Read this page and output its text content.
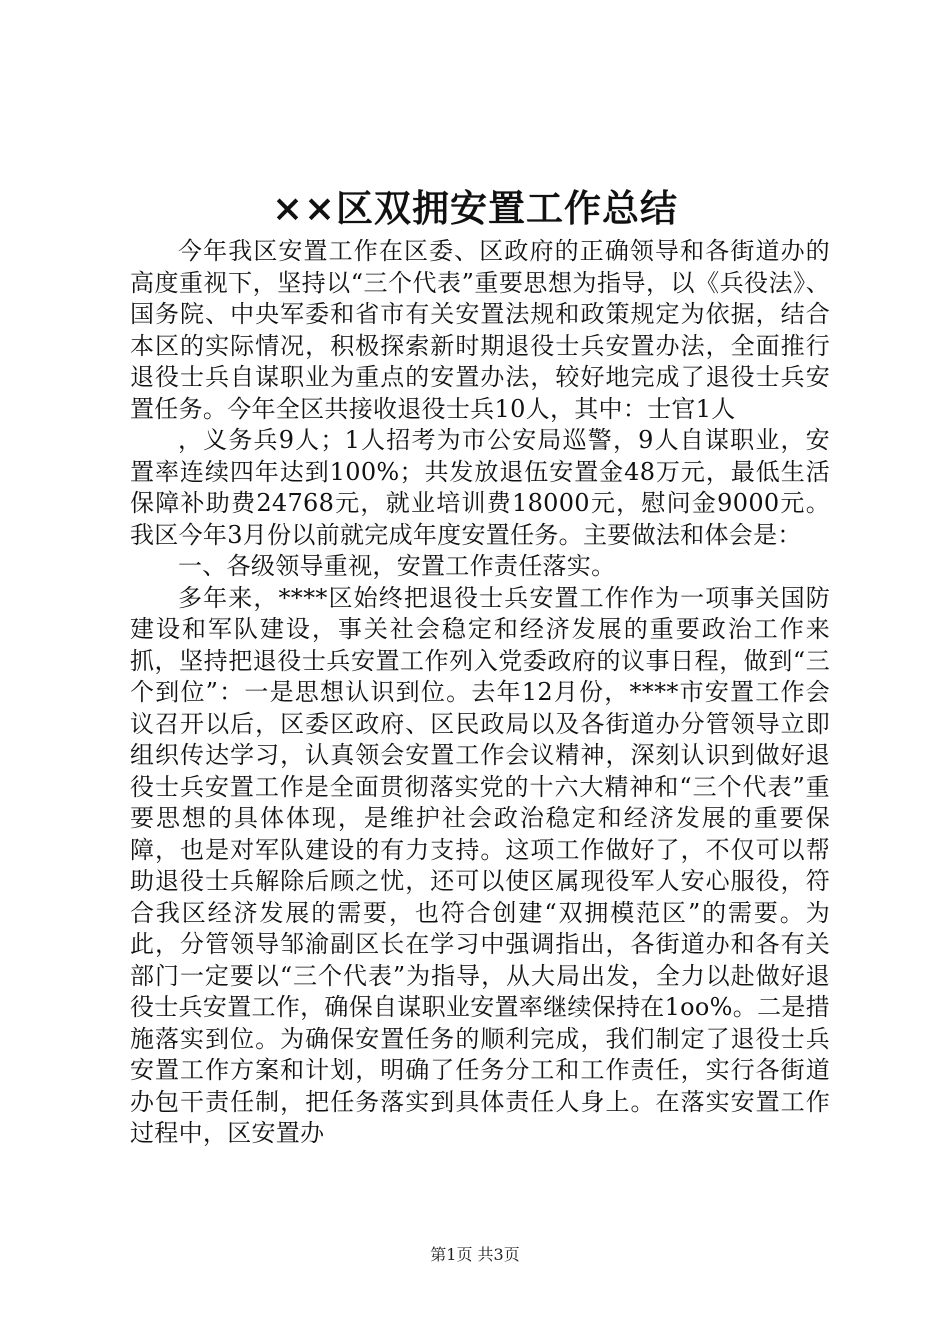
××区双拥安置工作总结

今年我区安置工作在区委、区政府的正确领导和各街道办的高度重视下，坚持以“三个代表”重要思想为指导，以《兵役法》、国务院、中央军委和省市有关安置法规和政策规定为依据，结合本区的实际情况，积极探索新时期退役士兵安置办法，全面推行退役士兵自谋职业为重点的安置办法，较好地完成了退役士兵安置任务。今年全区共接收退役士兵10人，其中：士官1人

，义务兵9人；1人招考为市公安局巡警，9人自谋职业，安置率连续四年达到100%；共发放退伍安置金48万元，最低生活保障补助费24768元，就业培训费18000元，慰问金9000元。我区今年3月份以前就完成年度安置任务。主要做法和体会是：

一、各级领导重视，安置工作责任落实。

多年来，****区始终把退役士兵安置工作作为一项事关国防建设和军队建设，事关社会稳定和经济发展的重要政治工作来抓，坚持把退役士兵安置工作列入党委政府的议事日程，做到“三个到位”：一是思想认识到位。去年12月份，****市安置工作会议召开以后，区委区政府、区民政局以及各街道办分管领导立即组织传达学习，认真领会安置工作会议精神，深刻认识到做好退役士兵安置工作是全面贯彻落实党的十六大精神和“三个代表”重要思想的具体体现，是维护社会政治稳定和经济发展的重要保障，也是对军队建设的有力支持。这项工作做好了，不仅可以帮助退役士兵解除后顾之忧，还可以使区属现役军人安心服役，符合我区经济发展的需要，也符合创建“双拥模范区”的需要。为此，分管领导邹渝副区长在学习中强调指出，各街道办和各有关部门一定要以“三个代表”为指导，从大局出发，全力以赴做好退役士兵安置工作，确保自谋职业安置率继续保持在1oo%。二是措施落实到位。为确保安置任务的顺利完成，我们制定了退役士兵安置工作方案和计划，明确了任务分工和工作责任，实行各街道办包干责任制，把任务落实到具体责任人身上。在落实安置工作过程中，区安置办

第1页 共3页
